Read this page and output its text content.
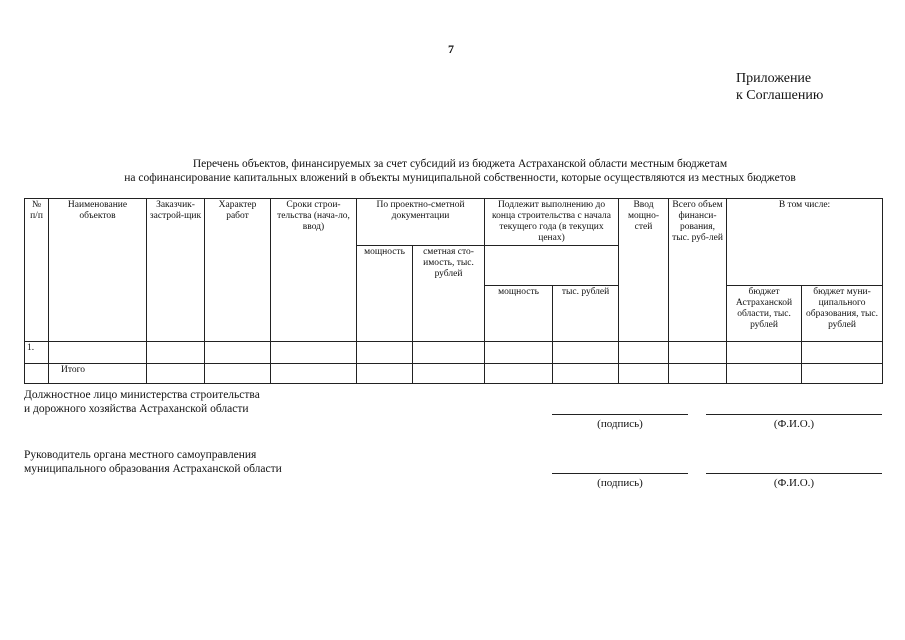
7
Приложение
к Соглашению
Перечень объектов, финансируемых за счет субсидий из бюджета Астраханской области местным бюджетам
на софинансирование капитальных вложений в объекты муниципальной собственности, которые осуществляются из местных бюджетов
№ п/п	Наименование объектов	Заказчик-застрой-щик	Характер работ	Сроки строи-тельства (нача-ло, ввод)	По проектно-сметной документации		Подлежит выполнению до конца строительства с начала текущего года (в текущих ценах)		Ввод мощно-стей	Всего объем финанси-рования, тыс. руб-лей	В том числе:	
					мощность	сметная сто-имость, тыс. рублей						
							мощность	тыс. рублей			бюджет Астраханской области, тыс. рублей	бюджет муни-ципального образования, тыс. рублей
1.												
	Итого											
Должностное лицо министерства строительства
и дорожного хозяйства Астраханской области
(подпись)	(Ф.И.О.)
Руководитель органа местного самоуправления
муниципального образования Астраханской области
(подпись)	(Ф.И.О.)
